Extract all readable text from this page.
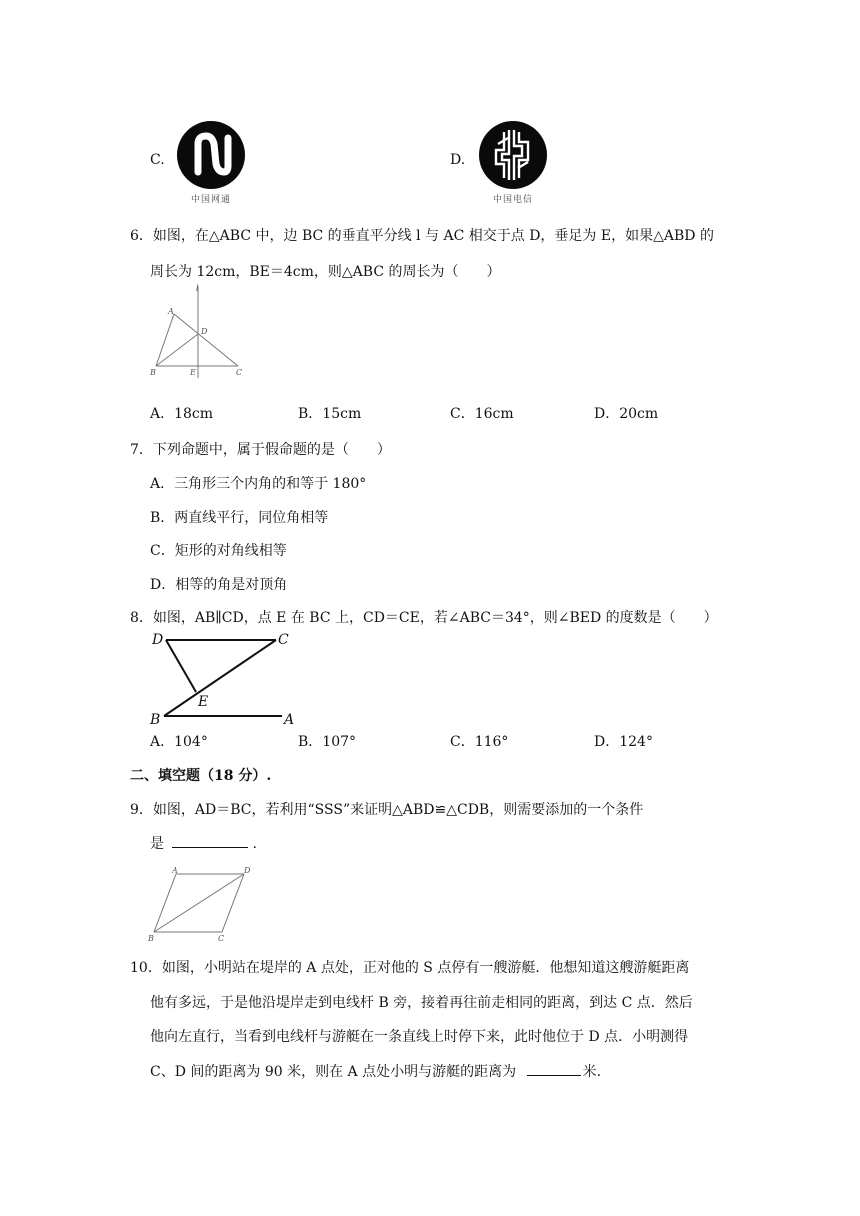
C.
中国网通
D.
中国电信
6．如图，在△ABC 中，边 BC 的垂直平分线 l 与 AC 相交于点 D，垂足为 E，如果△ABD 的
周长为 12cm，BE＝4cm，则△ABC 的周长为（　　）
l
A
D
B	E	C
A．18cm	B．15cm	C．16cm	D．20cm
7．下列命题中，属于假命题的是（　　）
A．三角形三个内角的和等于 180°
B．两直线平行，同位角相等
C．矩形的对角线相等
D．相等的角是对顶角
8．如图，AB∥CD，点 E 在 BC 上，CD＝CE，若∠ABC＝34°，则∠BED 的度数是（　　）
D	C
E
B	A
A．104°	B．107°	C．116°	D．124°
二、填空题（18 分）.
9．如图，AD＝BC，若利用“SSS”来证明△ABD≌△CDB，则需要添加的一个条件
是	.
A	D
B	C
10．如图，小明站在堤岸的 A 点处，正对他的 S 点停有一艘游艇．他想知道这艘游艇距离
他有多远，于是他沿堤岸走到电线杆 B 旁，接着再往前走相同的距离，到达 C 点．然后
他向左直行，当看到电线杆与游艇在一条直线上时停下来，此时他位于 D 点．小明测得
C、D 间的距离为 90 米，则在 A 点处小明与游艇的距离为	米.
